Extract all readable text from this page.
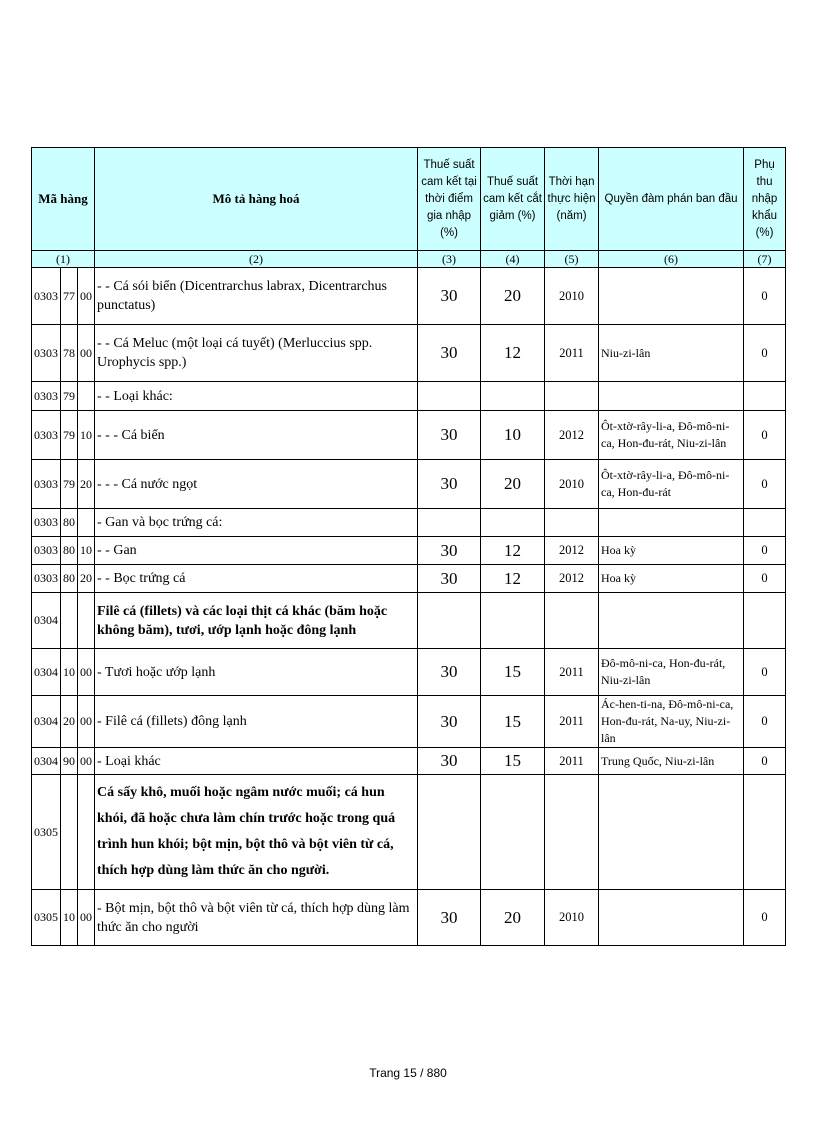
Mã hàng			Mô tả hàng hoá	Thuế suất cam kết tại thời điểm gia nhập (%)	Thuế suất cam kết cắt giảm (%)	Thời hạn thực hiện (năm)	Quyền đàm phán ban đầu	Phụ thu nhập khẩu (%)
(1)			(2)	(3)	(4)	(5)	(6)	(7)
0303	77	00	- - Cá sói biển (Dicentrarchus labrax, Dicentrarchus punctatus)	30	20	2010		0
0303	78	00	- - Cá Meluc (một loại cá tuyết) (Merluccius spp. Urophycis spp.)	30	12	2011	Niu-zi-lân	0
0303	79		- - Loại khác:					
0303	79	10	- - - Cá biển	30	10	2012	Ôt-xtờ-rây-li-a, Đô-mô-ni-ca, Hon-đu-rát, Niu-zi-lân	0
0303	79	20	- - - Cá nước ngọt	30	20	2010	Ôt-xtờ-rây-li-a, Đô-mô-ni-ca, Hon-đu-rát	0
0303	80		- Gan và bọc trứng cá:					
0303	80	10	- - Gan	30	12	2012	Hoa kỳ	0
0303	80	20	- - Bọc trứng cá	30	12	2012	Hoa kỳ	0
0304			Filê cá (fillets) và các loại thịt cá khác (băm hoặc không băm), tươi, ướp lạnh hoặc đông lạnh					
0304	10	00	- Tươi hoặc ướp lạnh	30	15	2011	Đô-mô-ni-ca, Hon-đu-rát, Niu-zi-lân	0
0304	20	00	- Filê cá (fillets) đông lạnh	30	15	2011	Ác-hen-ti-na, Đô-mô-ni-ca, Hon-đu-rát, Na-uy, Niu-zi-lân	0
0304	90	00	- Loại khác	30	15	2011	Trung Quốc, Niu-zi-lân	0
0305			Cá sấy khô, muối hoặc ngâm nước muối; cá hun khói, đã hoặc chưa làm chín trước hoặc trong quá trình hun khói; bột mịn, bột thô và bột viên từ cá, thích hợp dùng làm thức ăn cho người.					
0305	10	00	- Bột mịn, bột thô và bột viên từ cá, thích hợp dùng làm thức ăn cho người	30	20	2010		0
Trang 15 / 880
